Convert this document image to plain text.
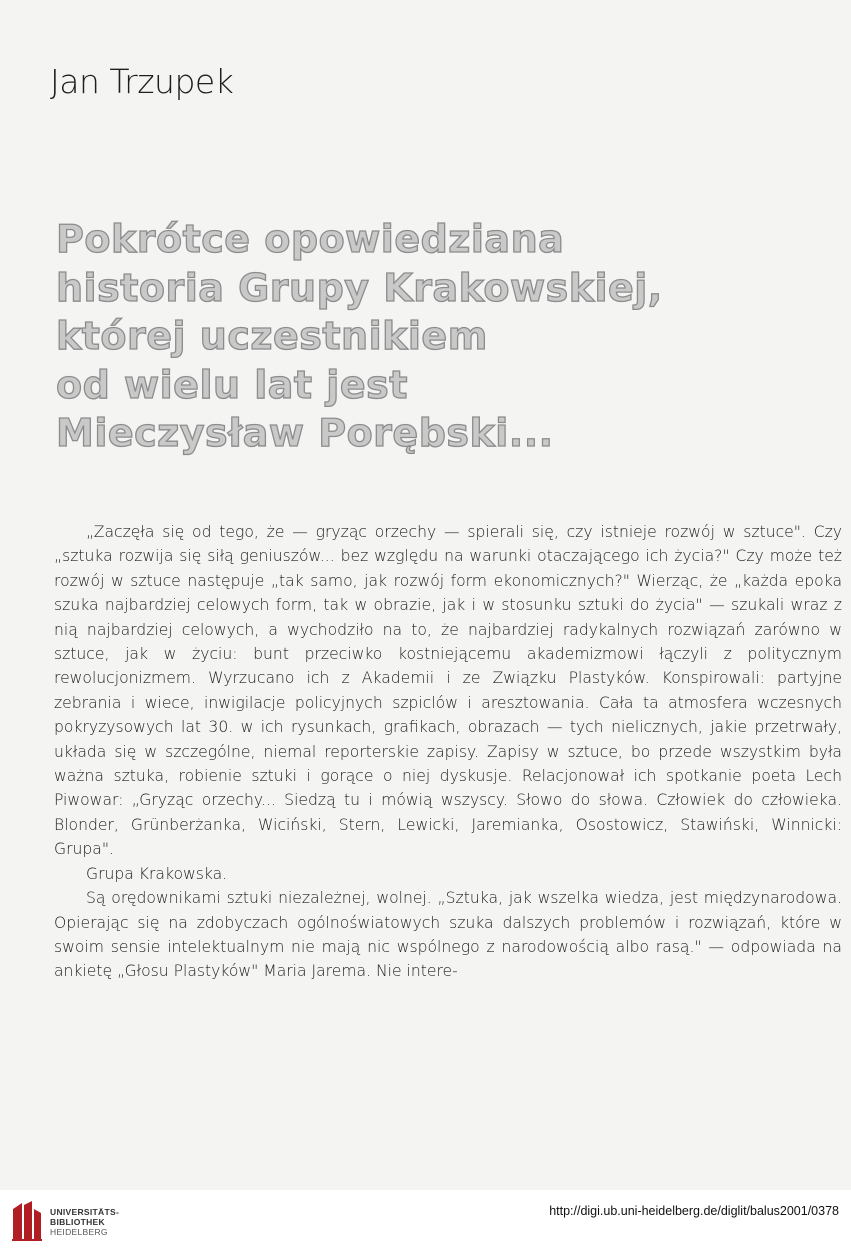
Jan Trzupek
Pokrótce opowiedziana
historia Grupy Krakowskiej,
której uczestnikiem
od wielu lat jest
Mieczysław Porębski...

„Zaczęła się od tego, że — gryząc orzechy — spierali się, czy istnieje rozwój w sztuce". Czy „sztuka rozwija się siłą geniuszów... bez względu na warunki otaczającego ich życia?" Czy może też rozwój w sztuce następuje „tak samo, jak rozwój form ekonomicznych?" Wierząc, że „każda epoka szuka najbardziej celowych form, tak w obrazie, jak i w stosunku sztuki do życia" — szukali wraz z nią najbardziej celowych, a wychodziło na to, że najbardziej radykalnych rozwiązań zarówno w sztuce, jak w życiu: bunt przeciwko kostniejącemu akademizmowi łączyli z politycznym rewolucjonizmem. Wyrzucano ich z Akademii i ze Związku Plastyków. Konspirowali: partyjne zebrania i wiece, inwigilacje policyjnych szpiclów i aresztowania. Cała ta atmosfera wczesnych pokryzysowych lat 30. w ich rysunkach, grafikach, obrazach — tych nielicznych, jakie przetrwały, układa się w szczególne, niemal reporterskie zapisy. Zapisy w sztuce, bo przede wszystkim była ważna sztuka, robienie sztuki i gorące o niej dyskusje. Relacjonował ich spotkanie poeta Lech Piwowar: „Gryząc orzechy... Siedzą tu i mówią wszyscy. Słowo do słowa. Człowiek do człowieka. Blonder, Grünberżanka, Wiciński, Stern, Lewicki, Jaremianka, Osostowicz, Stawiński, Winnicki: Grupa".

Grupa Krakowska.

Są orędownikami sztuki niezależnej, wolnej. „Sztuka, jak wszelka wiedza, jest międzynarodowa. Opierając się na zdobyczach ogólnoświatowych szuka dalszych problemów i rozwiązań, które w swoim sensie intelektualnym nie mają nic wspólnego z narodowością albo rasą." — odpowiada na ankietę „Głosu Plastyków" Maria Jarema. Nie intere-

UNIVERSITÄTS-
BIBLIOTHEK
HEIDELBERG
http://digi.ub.uni-heidelberg.de/diglit/balus2001/0378
